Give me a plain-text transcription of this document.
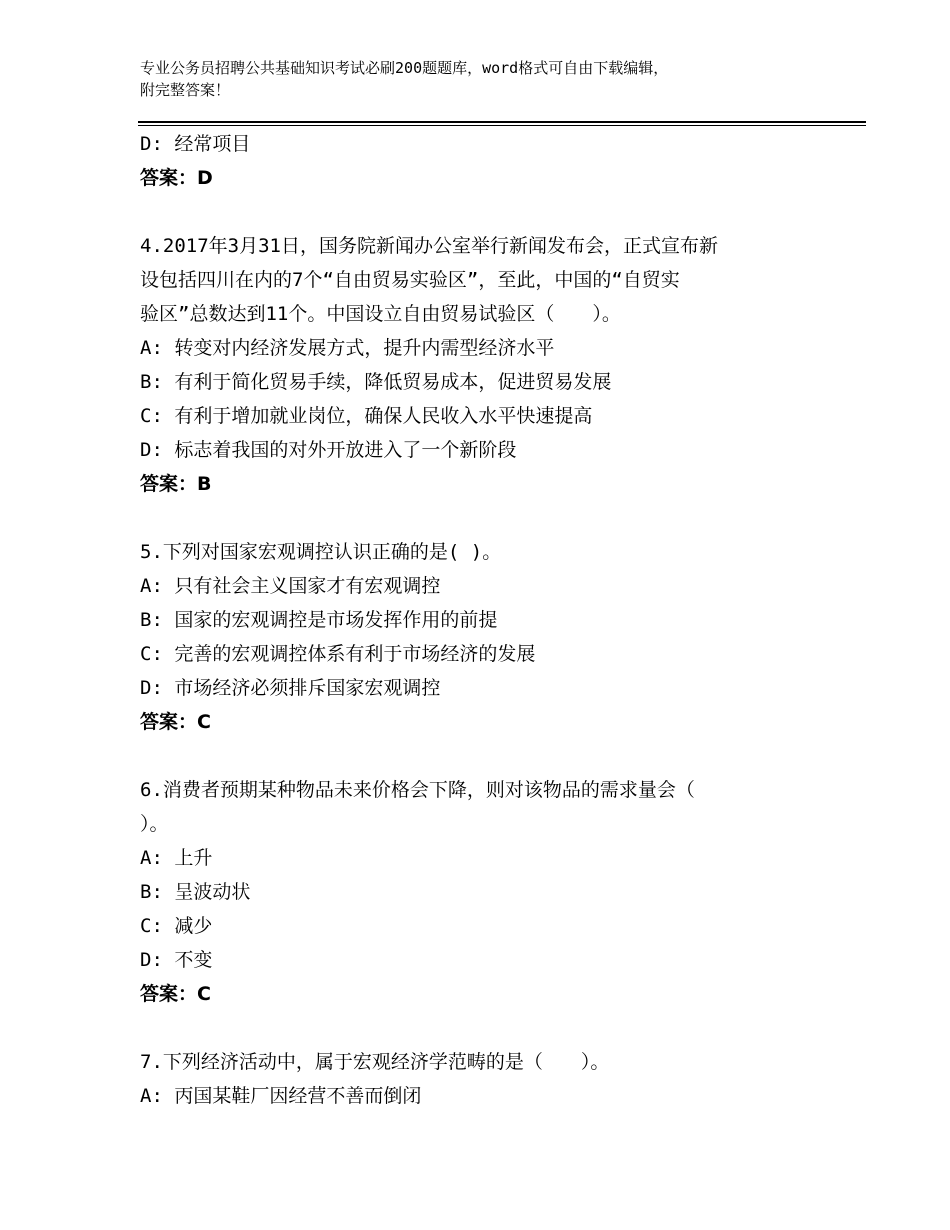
专业公务员招聘公共基础知识考试必刷200题题库，word格式可自由下载编辑，
附完整答案！
D: 经常项目
答案：D
4.2017年3月31日，国务院新闻办公室举行新闻发布会，正式宣布新
设包括四川在内的7个“自由贸易实验区”，至此，中国的“自贸实
验区”总数达到11个。中国设立自由贸易试验区（　　）。
A: 转变对内经济发展方式，提升内需型经济水平
B: 有利于简化贸易手续，降低贸易成本，促进贸易发展
C: 有利于增加就业岗位，确保人民收入水平快速提高
D: 标志着我国的对外开放进入了一个新阶段
答案：B
5.下列对国家宏观调控认识正确的是( )。
A: 只有社会主义国家才有宏观调控
B: 国家的宏观调控是市场发挥作用的前提
C: 完善的宏观调控体系有利于市场经济的发展
D: 市场经济必须排斥国家宏观调控
答案：C
6.消费者预期某种物品未来价格会下降，则对该物品的需求量会（
）。
A: 上升
B: 呈波动状
C: 减少
D: 不变
答案：C
7.下列经济活动中，属于宏观经济学范畴的是（　　）。
A: 丙国某鞋厂因经营不善而倒闭
